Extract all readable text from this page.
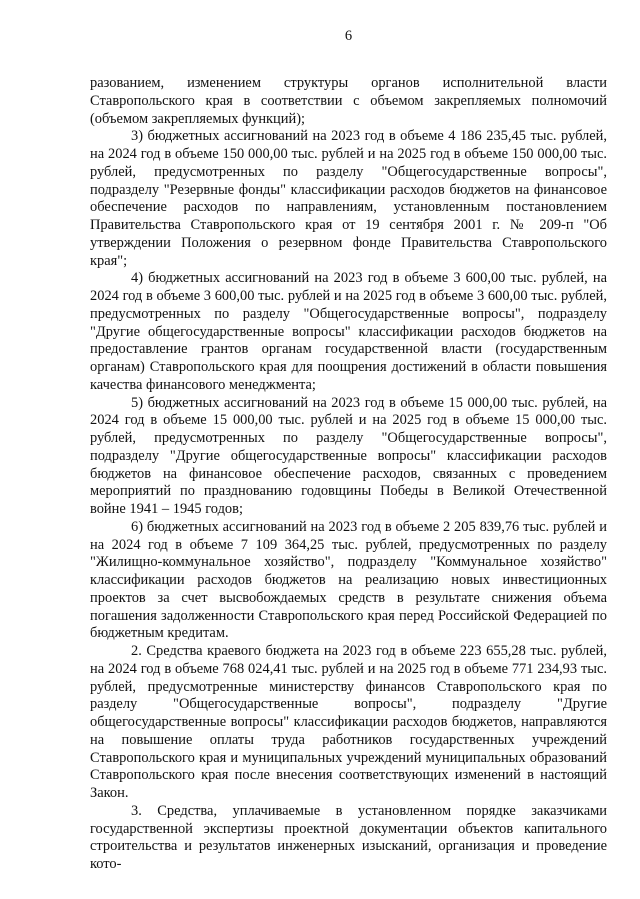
6

разованием, изменением структуры органов исполнительной власти Ставропольского края в соответствии с объемом закрепляемых полномочий (объемом закрепляемых функций);

3) бюджетных ассигнований на 2023 год в объеме 4 186 235,45 тыс. рублей, на 2024 год в объеме 150 000,00 тыс. рублей и на 2025 год в объеме 150 000,00 тыс. рублей, предусмотренных по разделу "Общегосударственные вопросы", подразделу "Резервные фонды" классификации расходов бюджетов на финансовое обеспечение расходов по направлениям, установленным постановлением Правительства Ставропольского края от 19 сентября 2001 г. № 209-п "Об утверждении Положения о резервном фонде Правительства Ставропольского края";

4) бюджетных ассигнований на 2023 год в объеме 3 600,00 тыс. рублей, на 2024 год в объеме 3 600,00 тыс. рублей и на 2025 год в объеме 3 600,00 тыс. рублей, предусмотренных по разделу "Общегосударственные вопросы", подразделу "Другие общегосударственные вопросы" классификации расходов бюджетов на предоставление грантов органам государственной власти (государственным органам) Ставропольского края для поощрения достижений в области повышения качества финансового менеджмента;

5) бюджетных ассигнований на 2023 год в объеме 15 000,00 тыс. рублей, на 2024 год в объеме 15 000,00 тыс. рублей и на 2025 год в объеме 15 000,00 тыс. рублей, предусмотренных по разделу "Общегосударственные вопросы", подразделу "Другие общегосударственные вопросы" классификации расходов бюджетов на финансовое обеспечение расходов, связанных с проведением мероприятий по празднованию годовщины Победы в Великой Отечественной войне 1941 – 1945 годов;

6) бюджетных ассигнований на 2023 год в объеме 2 205 839,76 тыс. рублей и на 2024 год в объеме 7 109 364,25 тыс. рублей, предусмотренных по разделу "Жилищно-коммунальное хозяйство", подразделу "Коммунальное хозяйство" классификации расходов бюджетов на реализацию новых инвестиционных проектов за счет высвобождаемых средств в результате снижения объема погашения задолженности Ставропольского края перед Российской Федерацией по бюджетным кредитам.

2. Средства краевого бюджета на 2023 год в объеме 223 655,28 тыс. рублей, на 2024 год в объеме 768 024,41 тыс. рублей и на 2025 год в объеме 771 234,93 тыс. рублей, предусмотренные министерству финансов Ставропольского края по разделу "Общегосударственные вопросы", подразделу "Другие общегосударственные вопросы" классификации расходов бюджетов, направляются на повышение оплаты труда работников государственных учреждений Ставропольского края и муниципальных учреждений муниципальных образований Ставропольского края после внесения соответствующих изменений в настоящий Закон.

3. Средства, уплачиваемые в установленном порядке заказчиками государственной экспертизы проектной документации объектов капитального строительства и результатов инженерных изысканий, организация и проведение кото-
